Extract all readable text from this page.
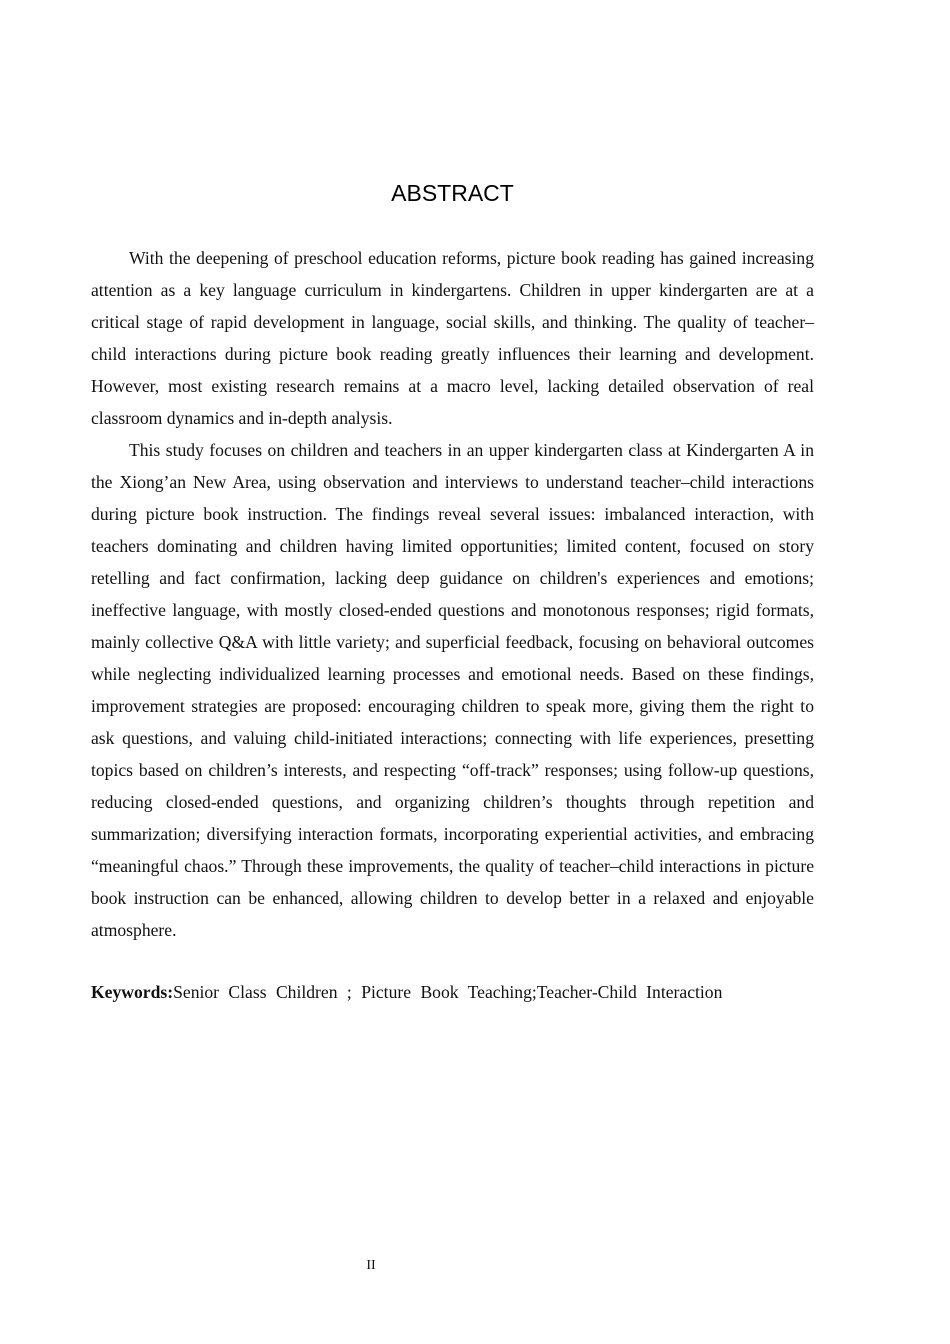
ABSTRACT

With the deepening of preschool education reforms, picture book reading has gained increasing attention as a key language curriculum in kindergartens. Children in upper kindergarten are at a critical stage of rapid development in language, social skills, and thinking. The quality of teacher–child interactions during picture book reading greatly influences their learning and development. However, most existing research remains at a macro level, lacking detailed observation of real classroom dynamics and in-depth analysis.

This study focuses on children and teachers in an upper kindergarten class at Kindergarten A in the Xiong’an New Area, using observation and interviews to understand teacher–child interactions during picture book instruction. The findings reveal several issues: imbalanced interaction, with teachers dominating and children having limited opportunities; limited content, focused on story retelling and fact confirmation, lacking deep guidance on children's experiences and emotions; ineffective language, with mostly closed-ended questions and monotonous responses; rigid formats, mainly collective Q&A with little variety; and superficial feedback, focusing on behavioral outcomes while neglecting individualized learning processes and emotional needs. Based on these findings, improvement strategies are proposed: encouraging children to speak more, giving them the right to ask questions, and valuing child-initiated interactions; connecting with life experiences, presetting topics based on children’s interests, and respecting “off-track” responses; using follow-up questions, reducing closed-ended questions, and organizing children’s thoughts through repetition and summarization; diversifying interaction formats, incorporating experiential activities, and embracing “meaningful chaos.” Through these improvements, the quality of teacher–child interactions in picture book instruction can be enhanced, allowing children to develop better in a relaxed and enjoyable atmosphere.

Keywords:Senior Class Children ; Picture Book Teaching;Teacher-Child Interaction
II
